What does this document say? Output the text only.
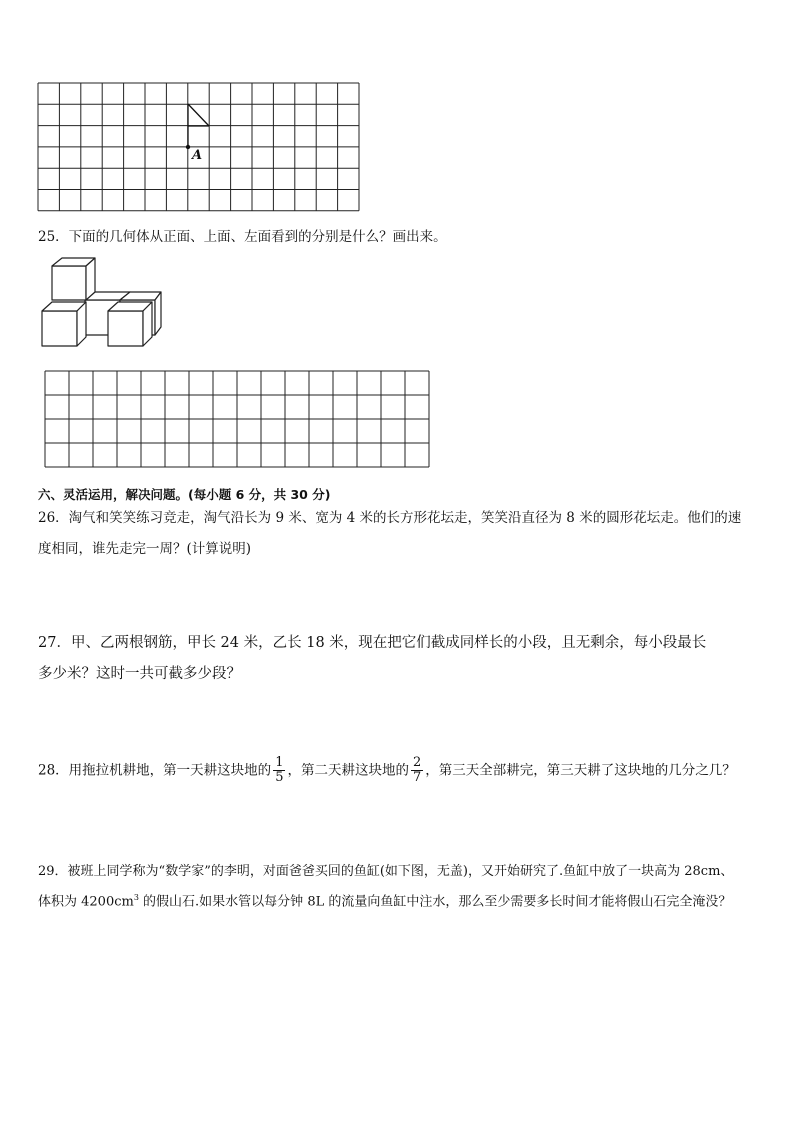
A
25．下面的几何体从正面、上面、左面看到的分别是什么？画出来。
六、灵活运用，解决问题。(每小题 6 分，共 30 分)
26．淘气和笑笑练习竞走，淘气沿长为 9 米、宽为 4 米的长方形花坛走，笑笑沿直径为 8 米的圆形花坛走。他们的速
度相同，谁先走完一周？(计算说明)
27．甲、乙两根钢筋，甲长 24 米，乙长 18 米，现在把它们截成同样长的小段，且无剩余，每小段最长
多少米？这时一共可截多少段？
28．用拖拉机耕地，第一天耕这块地的 $\frac{1}{5}$ ，第二天耕这块地的 $\frac{2}{7}$ ，第三天全部耕完，第三天耕了这块地的几分之几？
29．被班上同学称为“数学家”的李明，对面爸爸买回的鱼缸(如下图，无盖)，又开始研究了.鱼缸中放了一块高为 28cm、
体积为 $4200cm^3$ 的假山石.如果水管以每分钟 8L 的流量向鱼缸中注水，那么至少需要多长时间才能将假山石完全淹没？
